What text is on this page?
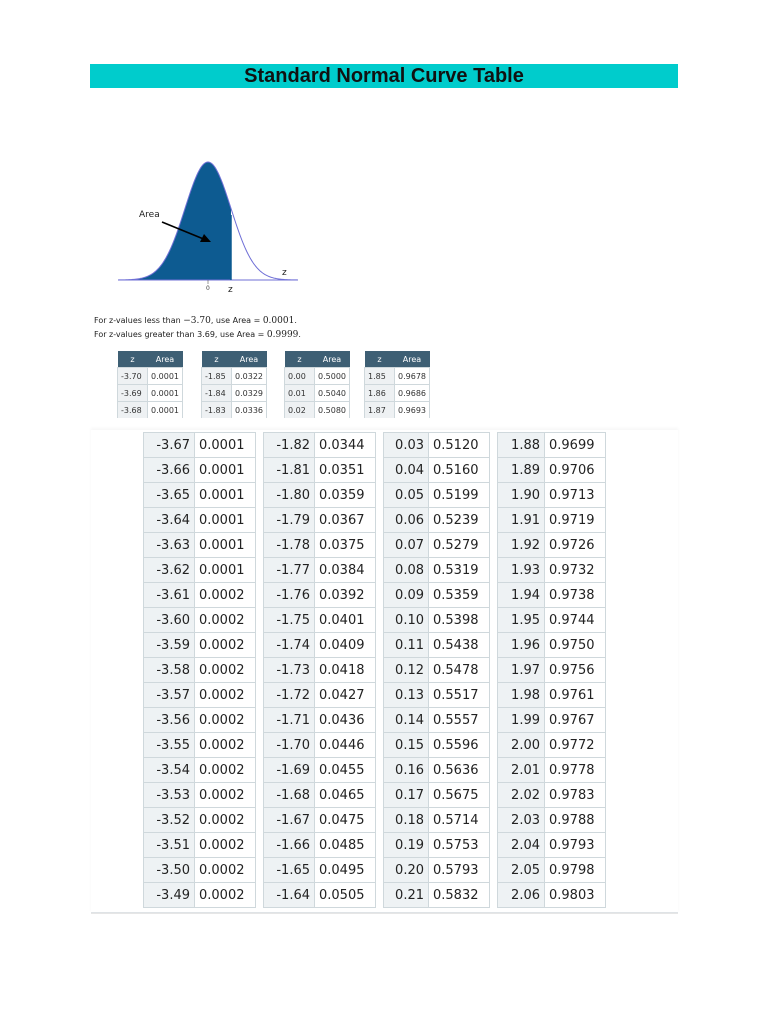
Standard Normal Curve Table
Area
z
0 z
For z-values less than −3.70, use Area = 0.0001.
For z-values greater than 3.69, use Area = 0.9999.
z	Area
-3.70	0.0001
-3.69	0.0001
-3.68	0.0001
z	Area
-1.85	0.0322
-1.84	0.0329
-1.83	0.0336
z	Area
0.00	0.5000
0.01	0.5040
0.02	0.5080
z	Area
1.85	0.9678
1.86	0.9686
1.87	0.9693
-3.67	0.0001
-3.66	0.0001
-3.65	0.0001
-3.64	0.0001
-3.63	0.0001
-3.62	0.0001
-3.61	0.0002
-3.60	0.0002
-3.59	0.0002
-3.58	0.0002
-3.57	0.0002
-3.56	0.0002
-3.55	0.0002
-3.54	0.0002
-3.53	0.0002
-3.52	0.0002
-3.51	0.0002
-3.50	0.0002
-3.49	0.0002
-1.82	0.0344
-1.81	0.0351
-1.80	0.0359
-1.79	0.0367
-1.78	0.0375
-1.77	0.0384
-1.76	0.0392
-1.75	0.0401
-1.74	0.0409
-1.73	0.0418
-1.72	0.0427
-1.71	0.0436
-1.70	0.0446
-1.69	0.0455
-1.68	0.0465
-1.67	0.0475
-1.66	0.0485
-1.65	0.0495
-1.64	0.0505
0.03	0.5120
0.04	0.5160
0.05	0.5199
0.06	0.5239
0.07	0.5279
0.08	0.5319
0.09	0.5359
0.10	0.5398
0.11	0.5438
0.12	0.5478
0.13	0.5517
0.14	0.5557
0.15	0.5596
0.16	0.5636
0.17	0.5675
0.18	0.5714
0.19	0.5753
0.20	0.5793
0.21	0.5832
1.88	0.9699
1.89	0.9706
1.90	0.9713
1.91	0.9719
1.92	0.9726
1.93	0.9732
1.94	0.9738
1.95	0.9744
1.96	0.9750
1.97	0.9756
1.98	0.9761
1.99	0.9767
2.00	0.9772
2.01	0.9778
2.02	0.9783
2.03	0.9788
2.04	0.9793
2.05	0.9798
2.06	0.9803
